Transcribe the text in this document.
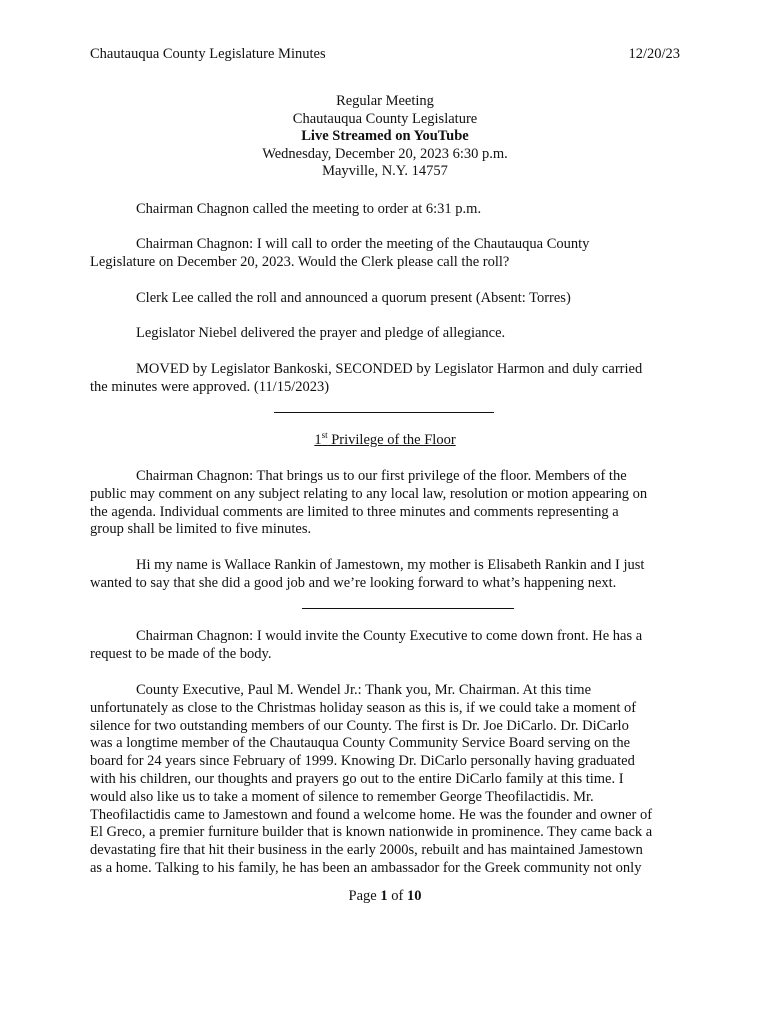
Chautauqua County Legislature Minutes	12/20/23
Regular Meeting
Chautauqua County Legislature
Live Streamed on YouTube
Wednesday, December 20, 2023 6:30 p.m.
Mayville, N.Y. 14757
Chairman Chagnon called the meeting to order at 6:31 p.m.
Chairman Chagnon: I will call to order the meeting of the Chautauqua County
Legislature on December 20, 2023. Would the Clerk please call the roll?
Clerk Lee called the roll and announced a quorum present (Absent: Torres)
Legislator Niebel delivered the prayer and pledge of allegiance.
MOVED by Legislator Bankoski, SECONDED by Legislator Harmon and duly carried
the minutes were approved. (11/15/2023)
1st Privilege of the Floor
Chairman Chagnon: That brings us to our first privilege of the floor. Members of the
public may comment on any subject relating to any local law, resolution or motion appearing on
the agenda. Individual comments are limited to three minutes and comments representing a
group shall be limited to five minutes.
Hi my name is Wallace Rankin of Jamestown, my mother is Elisabeth Rankin and I just
wanted to say that she did a good job and we’re looking forward to what’s happening next.
Chairman Chagnon: I would invite the County Executive to come down front. He has a
request to be made of the body.
County Executive, Paul M. Wendel Jr.: Thank you, Mr. Chairman. At this time
unfortunately as close to the Christmas holiday season as this is, if we could take a moment of
silence for two outstanding members of our County. The first is Dr. Joe DiCarlo. Dr. DiCarlo
was a longtime member of the Chautauqua County Community Service Board serving on the
board for 24 years since February of 1999. Knowing Dr. DiCarlo personally having graduated
with his children, our thoughts and prayers go out to the entire DiCarlo family at this time. I
would also like us to take a moment of silence to remember George Theofilactidis. Mr.
Theofilactidis came to Jamestown and found a welcome home. He was the founder and owner of
El Greco, a premier furniture builder that is known nationwide in prominence. They came back a
devastating fire that hit their business in the early 2000s, rebuilt and has maintained Jamestown
as a home. Talking to his family, he has been an ambassador for the Greek community not only
Page 1 of 10
